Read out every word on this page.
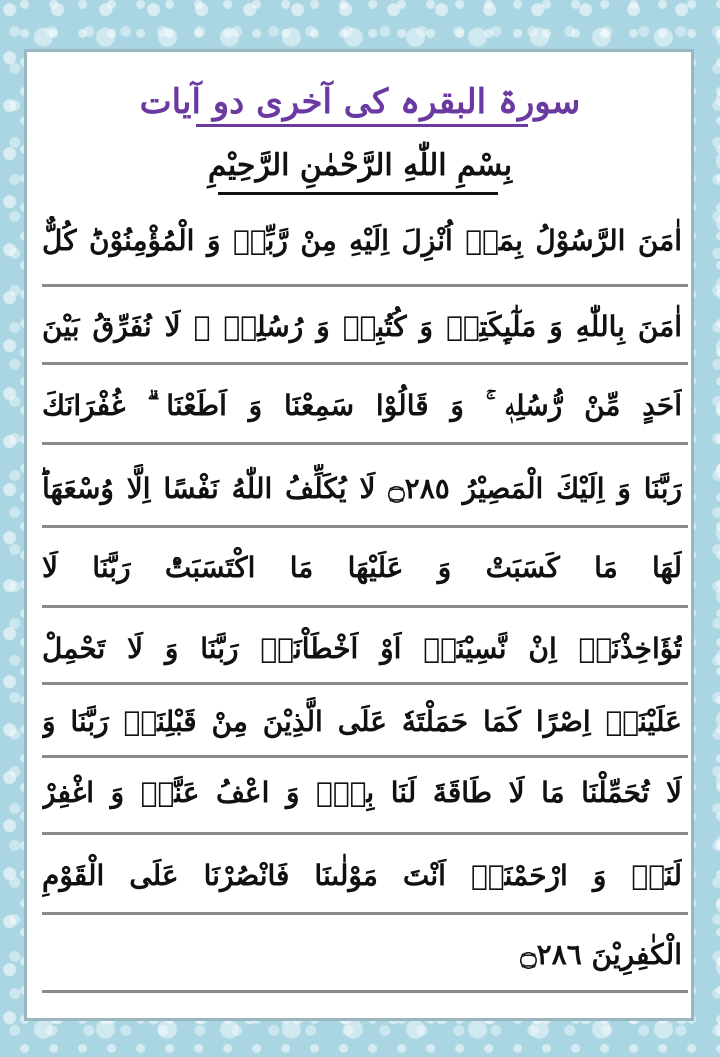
سورۃ البقرہ کی آخری دو آیات
بِسْمِ اللّٰهِ الرَّحْمٰنِ الرَّحِيْمِ
اٰمَنَ الرَّسُوْلُ بِمَاۤ اُنْزِلَ اِلَيْهِ مِنْ رَّبِّهٖ وَ الْمُؤْمِنُوْنَؕ كُلٌّ
اٰمَنَ بِاللّٰهِ وَ مَلٰٓىِٕكَتِهٖ وَ كُتُبِهٖ وَ رُسُلِهٖ ۚ لَا نُفَرِّقُ بَيْنَ
اَحَدٍ مِّنْ رُّسُلِهٖ ۚ وَ قَالُوْا سَمِعْنَا وَ اَطَعْنَا ۗ غُفْرَانَكَ
رَبَّنَا وَ اِلَيْكَ الْمَصِيْرُ ۝٢٨٥ لَا يُكَلِّفُ اللّٰهُ نَفْسًا اِلَّا وُسْعَهَاؕ
لَهَا مَا كَسَبَتْ وَ عَلَيْهَا مَا اكْتَسَبَتْؕ رَبَّنَا لَا
تُؤَاخِذْنَاۤ اِنْ نَّسِيْنَاۤ اَوْ اَخْطَاْنَاۚ رَبَّنَا وَ لَا تَحْمِلْ
عَلَيْنَاۤ اِصْرًا كَمَا حَمَلْتَهٗ عَلَى الَّذِيْنَ مِنْ قَبْلِنَاۚ رَبَّنَا وَ
لَا تُحَمِّلْنَا مَا لَا طَاقَةَ لَنَا بِهٖۚ وَ اعْفُ عَنَّاٙ وَ اغْفِرْ
لَنَاٙ وَ ارْحَمْنَاٙ اَنْتَ مَوْلٰىنَا فَانْصُرْنَا عَلَى الْقَوْمِ
الْكٰفِرِيْنَ ۝٢٨٦
